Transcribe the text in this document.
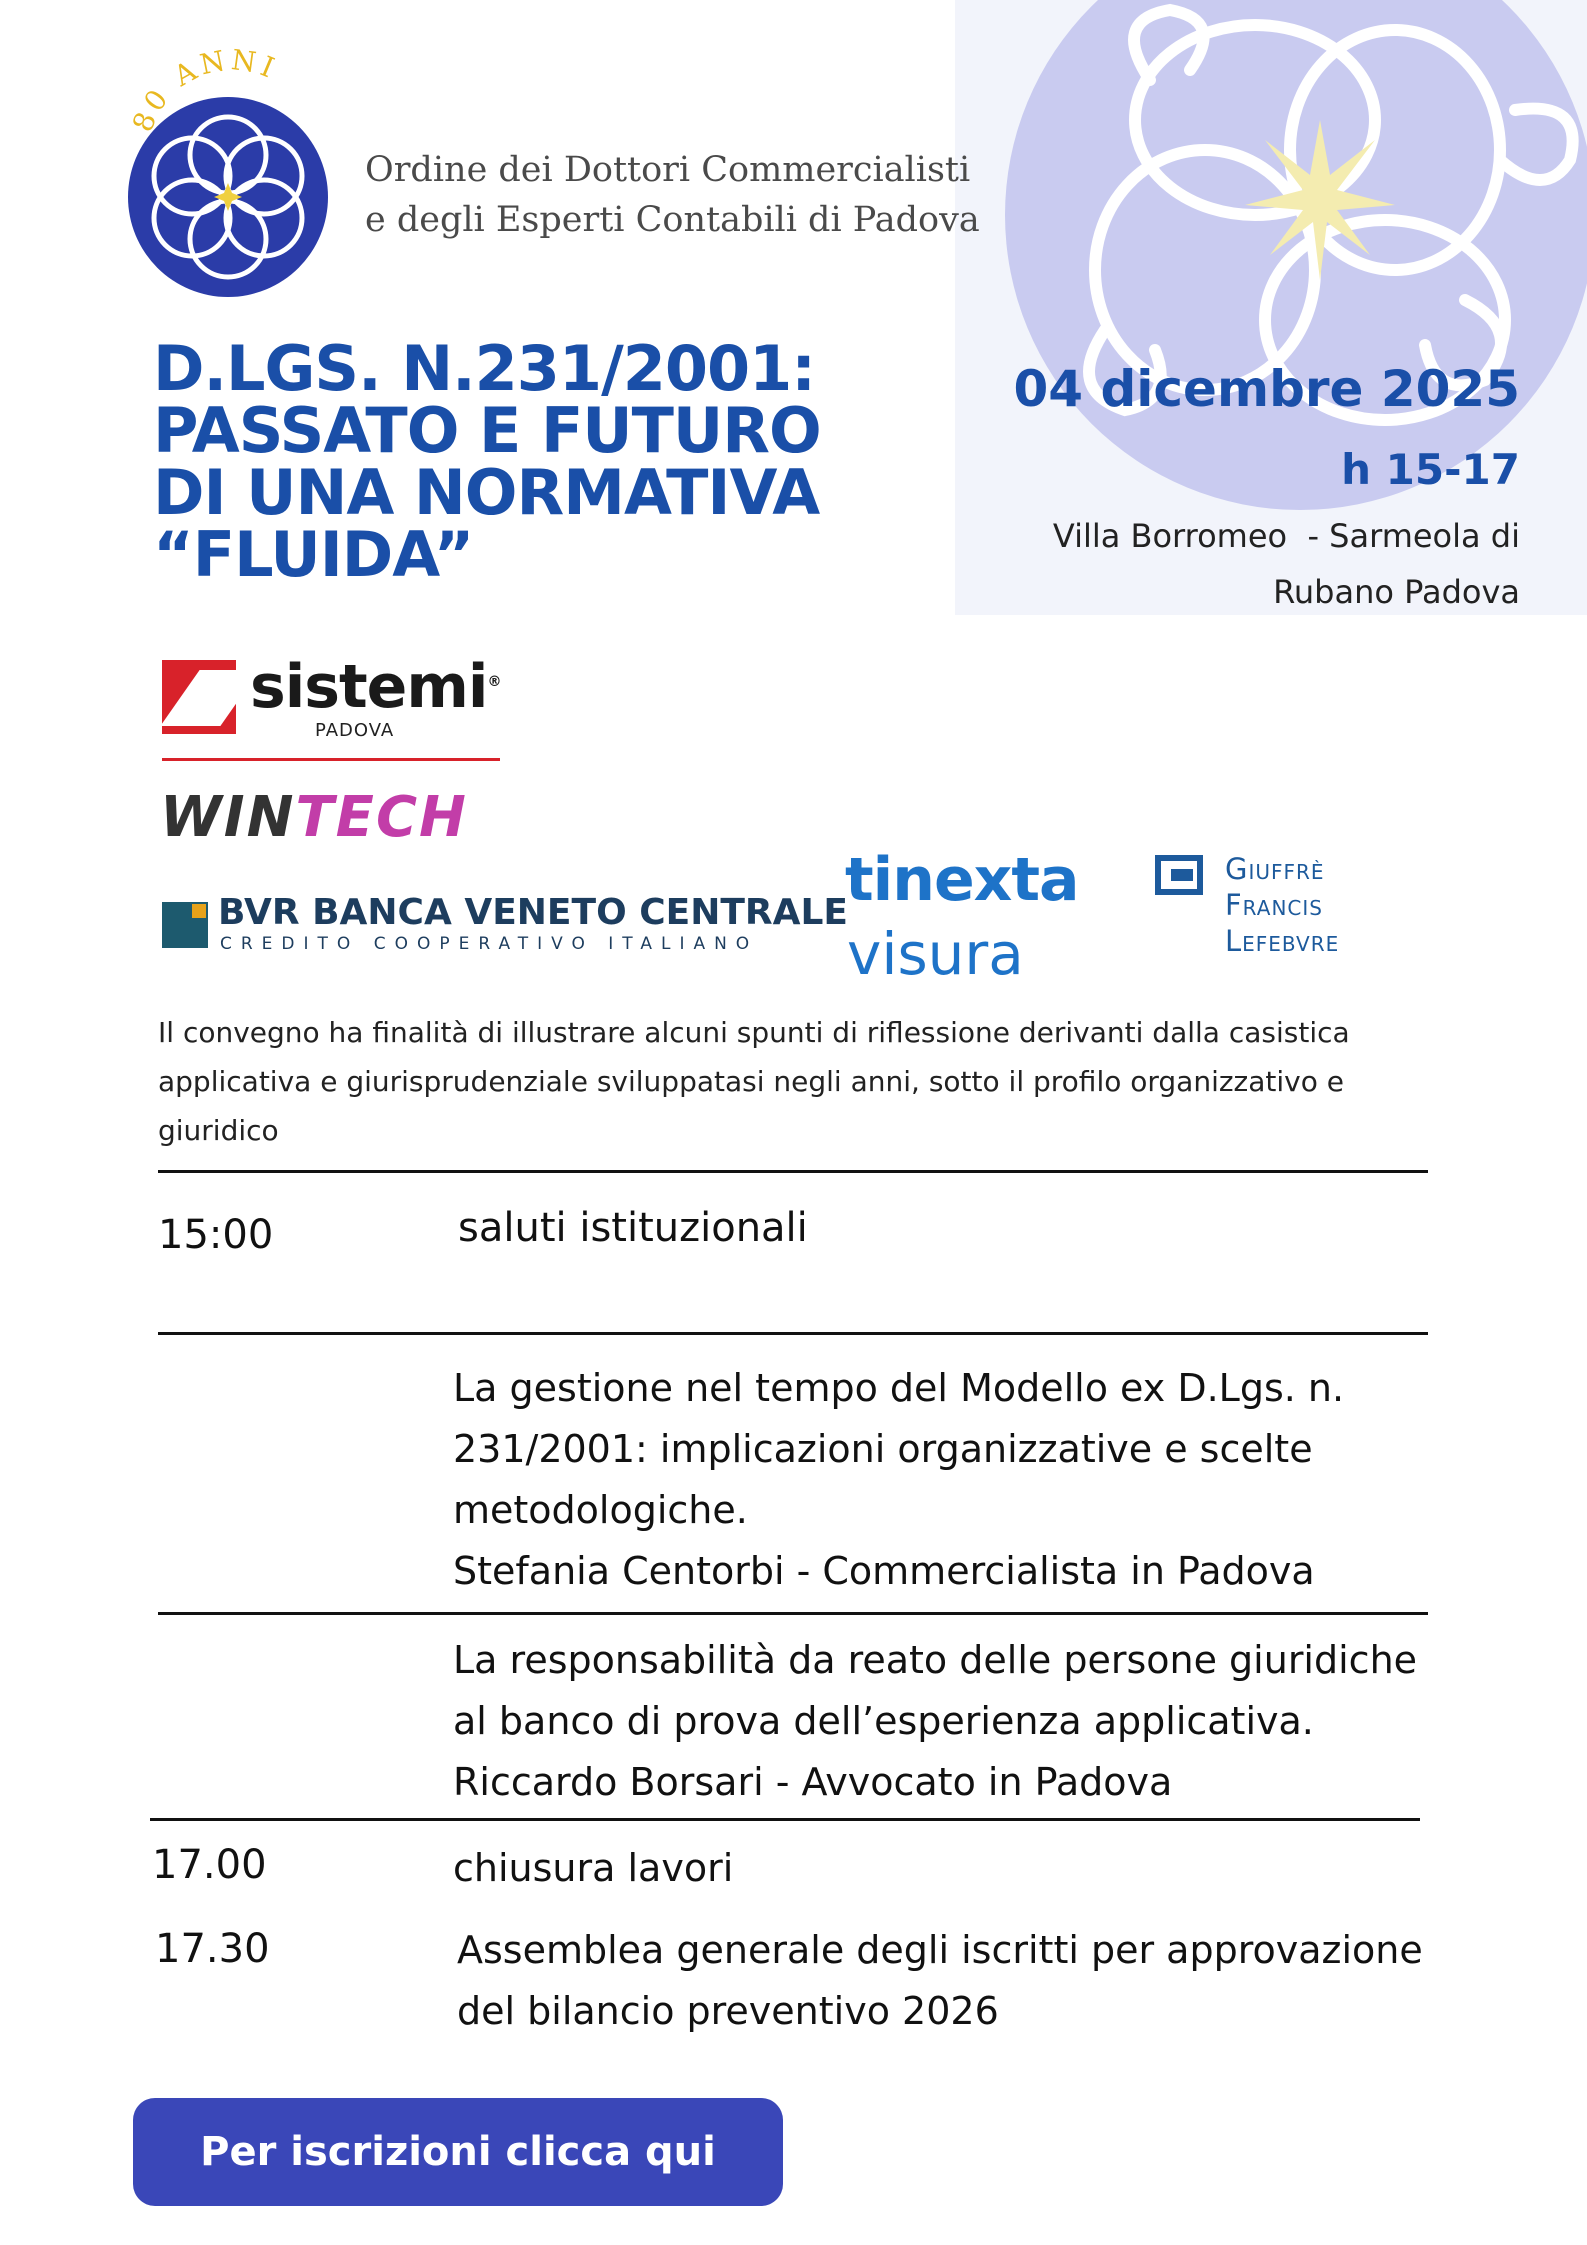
80 ANNI
Ordine dei Dottori Commercialisti
e degli Esperti Contabili di Padova
D.LGS. N.231/2001:
PASSATO E FUTURO
DI UNA NORMATIVA
“FLUIDA”
04 dicembre 2025
h 15-17
Villa Borromeo  - Sarmeola di
Rubano Padova
sistemi®
PADOVA
WINTECH
BVR BANCA VENETO CENTRALE
CREDITO COOPERATIVO ITALIANO
tinexta
visura
Giuffrè
Francis
Lefebvre
Il convegno ha finalità di illustrare alcuni spunti di riflessione derivanti dalla casistica applicativa e giurisprudenziale sviluppatasi negli anni, sotto il profilo organizzativo e giuridico
15:00	saluti istituzionali
La gestione nel tempo del Modello ex D.Lgs. n.
231/2001: implicazioni organizzative e scelte
metodologiche.
Stefania Centorbi - Commercialista in Padova
La responsabilità da reato delle persone giuridiche
al banco di prova dell’esperienza applicativa.
Riccardo Borsari - Avvocato in Padova
17.00	chiusura lavori
17.30	Assemblea generale degli iscritti per approvazione
del bilancio preventivo 2026
Per iscrizioni clicca qui
